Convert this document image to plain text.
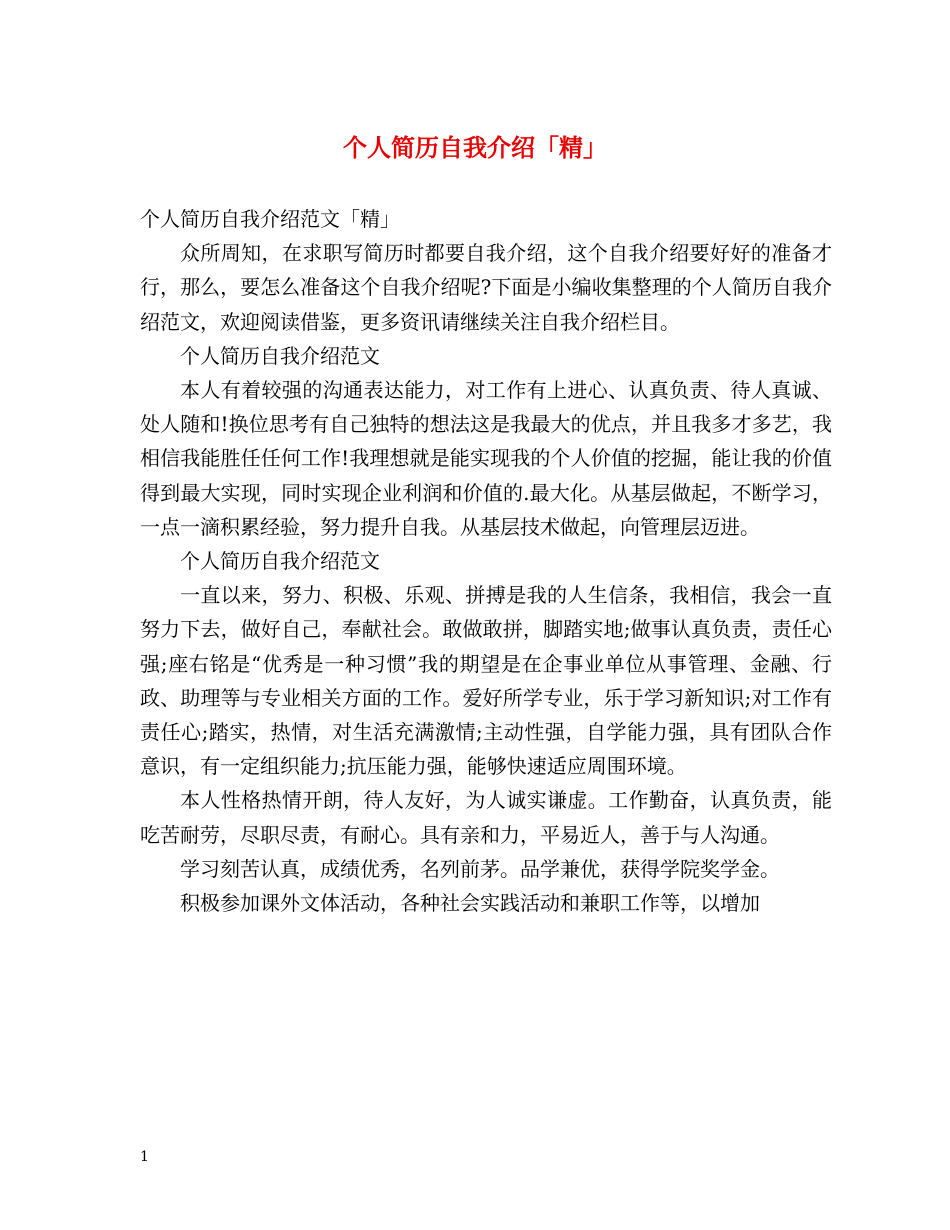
个人简历自我介绍「精」

个人简历自我介绍范文「精」

众所周知，在求职写简历时都要自我介绍，这个自我介绍要好好的准备才行，那么，要怎么准备这个自我介绍呢?下面是小编收集整理的个人简历自我介绍范文，欢迎阅读借鉴，更多资讯请继续关注自我介绍栏目。

个人简历自我介绍范文

本人有着较强的沟通表达能力，对工作有上进心、认真负责、待人真诚、处人随和!换位思考有自己独特的想法这是我最大的优点，并且我多才多艺，我相信我能胜任任何工作!我理想就是能实现我的个人价值的挖掘，能让我的价值得到最大实现，同时实现企业利润和价值的.最大化。从基层做起，不断学习，一点一滴积累经验，努力提升自我。从基层技术做起，向管理层迈进。

个人简历自我介绍范文

一直以来，努力、积极、乐观、拼搏是我的人生信条，我相信，我会一直努力下去，做好自己，奉献社会。敢做敢拼，脚踏实地;做事认真负责，责任心强;座右铭是“优秀是一种习惯”我的期望是在企事业单位从事管理、金融、行政、助理等与专业相关方面的工作。爱好所学专业，乐于学习新知识;对工作有责任心;踏实，热情，对生活充满激情;主动性强，自学能力强，具有团队合作意识，有一定组织能力;抗压能力强，能够快速适应周围环境。

本人性格热情开朗，待人友好，为人诚实谦虚。工作勤奋，认真负责，能吃苦耐劳，尽职尽责，有耐心。具有亲和力，平易近人，善于与人沟通。

学习刻苦认真，成绩优秀，名列前茅。品学兼优，获得学院奖学金。

积极参加课外文体活动，各种社会实践活动和兼职工作等，以增加

1
